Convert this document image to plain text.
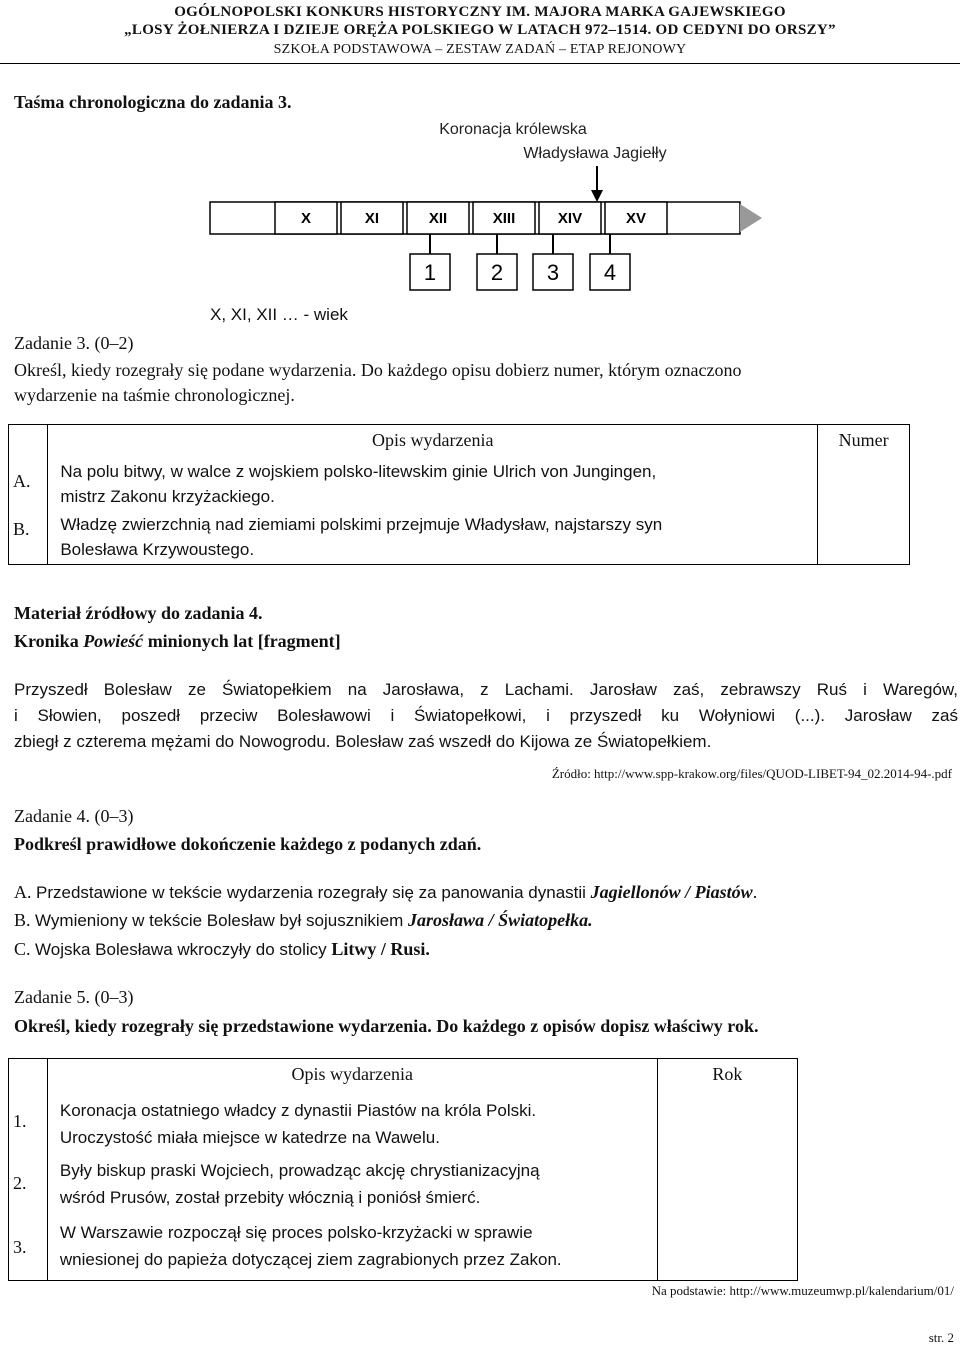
OGÓLNOPOLSKI KONKURS HISTORYCZNY IM. MAJORA MARKA GAJEWSKIEGO
„LOSY ŻOŁNIERZA I DZIEJE ORĘŻA POLSKIEGO W LATACH 972–1514. OD CEDYNI DO ORSZY”
SZKOŁA PODSTAWOWA – ZESTAW ZADAŃ – ETAP REJONOWY
Taśma chronologiczna do zadania 3.
Koronacja królewska
Władysława Jagiełły
X	XI	XII	XIII	XIV	XV
1 2 3 4
X, XI, XII … - wiek
Zadanie 3. (0–2)
Określ, kiedy rozegrały się podane wydarzenia. Do każdego opisu dobierz numer, którym oznaczono
wydarzenie na taśmie chronologicznej.
	Opis wydarzenia	Numer
A.	Na polu bitwy, w walce z wojskiem polsko-litewskim ginie Ulrich von Jungingen,
mistrz Zakonu krzyżackiego.	

B.	Władzę zwierzchnią nad ziemiami polskimi przejmuje Władysław, najstarszy syn
Bolesława Krzywoustego.	
Materiał źródłowy do zadania 4.
Kronika Powieść minionych lat [fragment]
Przyszedł Bolesław ze Światopełkiem na Jarosława, z Lachami. Jarosław zaś, zebrawszy Ruś i Waregów,
i Słowien, poszedł przeciw Bolesławowi i Światopełkowi, i przyszedł ku Wołyniowi (...). Jarosław zaś
zbiegł z czterema mężami do Nowogrodu. Bolesław zaś wszedł do Kijowa ze Światopełkiem.
Źródło: http://www.spp-krakow.org/files/QUOD-LIBET-94_02.2014-94-.pdf
Zadanie 4. (0–3)
Podkreśl prawidłowe dokończenie każdego z podanych zdań.
A. Przedstawione w tekście wydarzenia rozegrały się za panowania dynastii Jagiellonów / Piastów.
B. Wymieniony w tekście Bolesław był sojusznikiem Jarosława / Światopełka.
C. Wojska Bolesława wkroczyły do stolicy Litwy / Rusi.
Zadanie 5. (0–3)
Określ, kiedy rozegrały się przedstawione wydarzenia. Do każdego z opisów dopisz właściwy rok.
	Opis wydarzenia	Rok
1.	Koronacja ostatniego władcy z dynastii Piastów na króla Polski.
Uroczystość miała miejsce w katedrze na Wawelu.	

2.	Były biskup praski Wojciech, prowadząc akcję chrystianizacyjną
wśród Prusów, został przebity włócznią i poniósł śmierć.	

3.	W Warszawie rozpoczął się proces polsko-krzyżacki w sprawie
wniesionej do papieża dotyczącej ziem zagrabionych przez Zakon.	
Na podstawie: http://www.muzeumwp.pl/kalendarium/01/
str. 2
